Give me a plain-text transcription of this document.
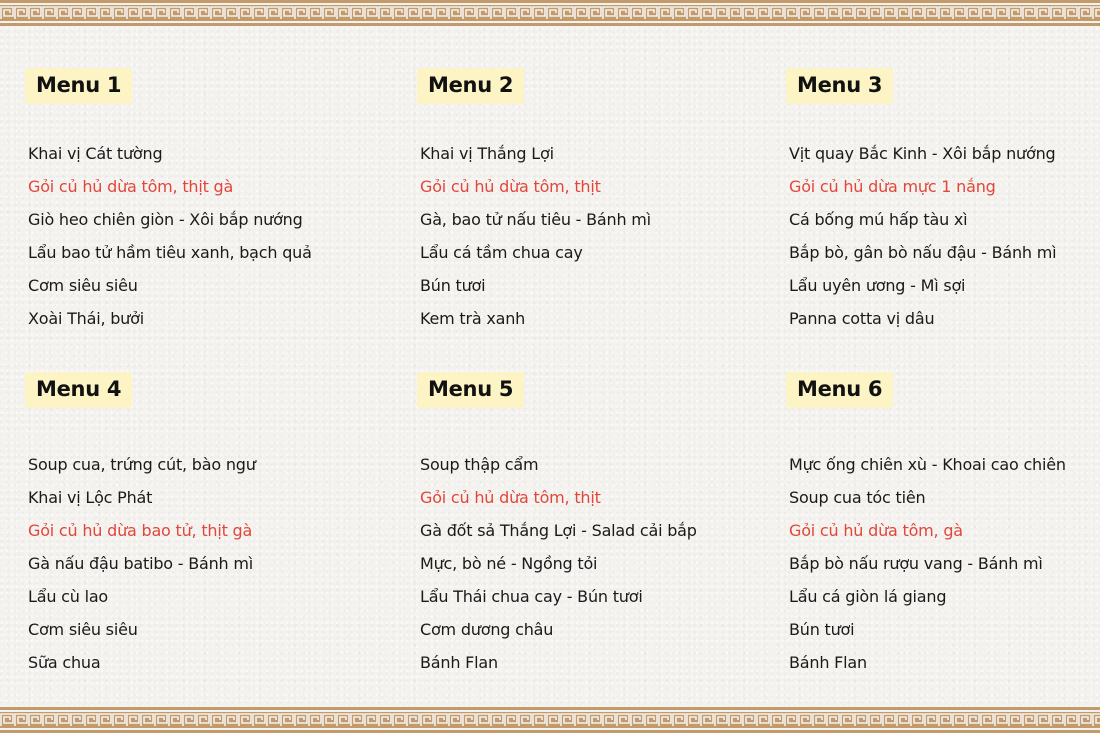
Menu 1
Khai vị Cát tường
Gỏi củ hủ dừa tôm, thịt gà
Giò heo chiên giòn - Xôi bắp nướng
Lẩu bao tử hầm tiêu xanh, bạch quả
Cơm siêu siêu
Xoài Thái, bưởi
Menu 2
Khai vị Thắng Lợi
Gỏi củ hủ dừa tôm, thịt
Gà, bao tử nấu tiêu - Bánh mì
Lẩu cá tầm chua cay
Bún tươi
Kem trà xanh
Menu 3
Vịt quay Bắc Kinh - Xôi bắp nướng
Gỏi củ hủ dừa mực 1 nắng
Cá bống mú hấp tàu xì
Bắp bò, gân bò nấu đậu - Bánh mì
Lẩu uyên ương - Mì sợi
Panna cotta vị dâu
Menu 4
Soup cua, trứng cút, bào ngư
Khai vị Lộc Phát
Gỏi củ hủ dừa bao tử, thịt gà
Gà nấu đậu batibo - Bánh mì
Lẩu cù lao
Cơm siêu siêu
Sữa chua
Menu 5
Soup thập cẩm
Gỏi củ hủ dừa tôm, thịt
Gà đốt sả Thắng Lợi - Salad cải bắp
Mực, bò né - Ngồng tỏi
Lẩu Thái chua cay - Bún tươi
Cơm dương châu
Bánh Flan
Menu 6
Mực ống chiên xù - Khoai cao chiên
Soup cua tóc tiên
Gỏi củ hủ dừa tôm, gà
Bắp bò nấu rượu vang - Bánh mì
Lẩu cá giòn lá giang
Bún tươi
Bánh Flan
